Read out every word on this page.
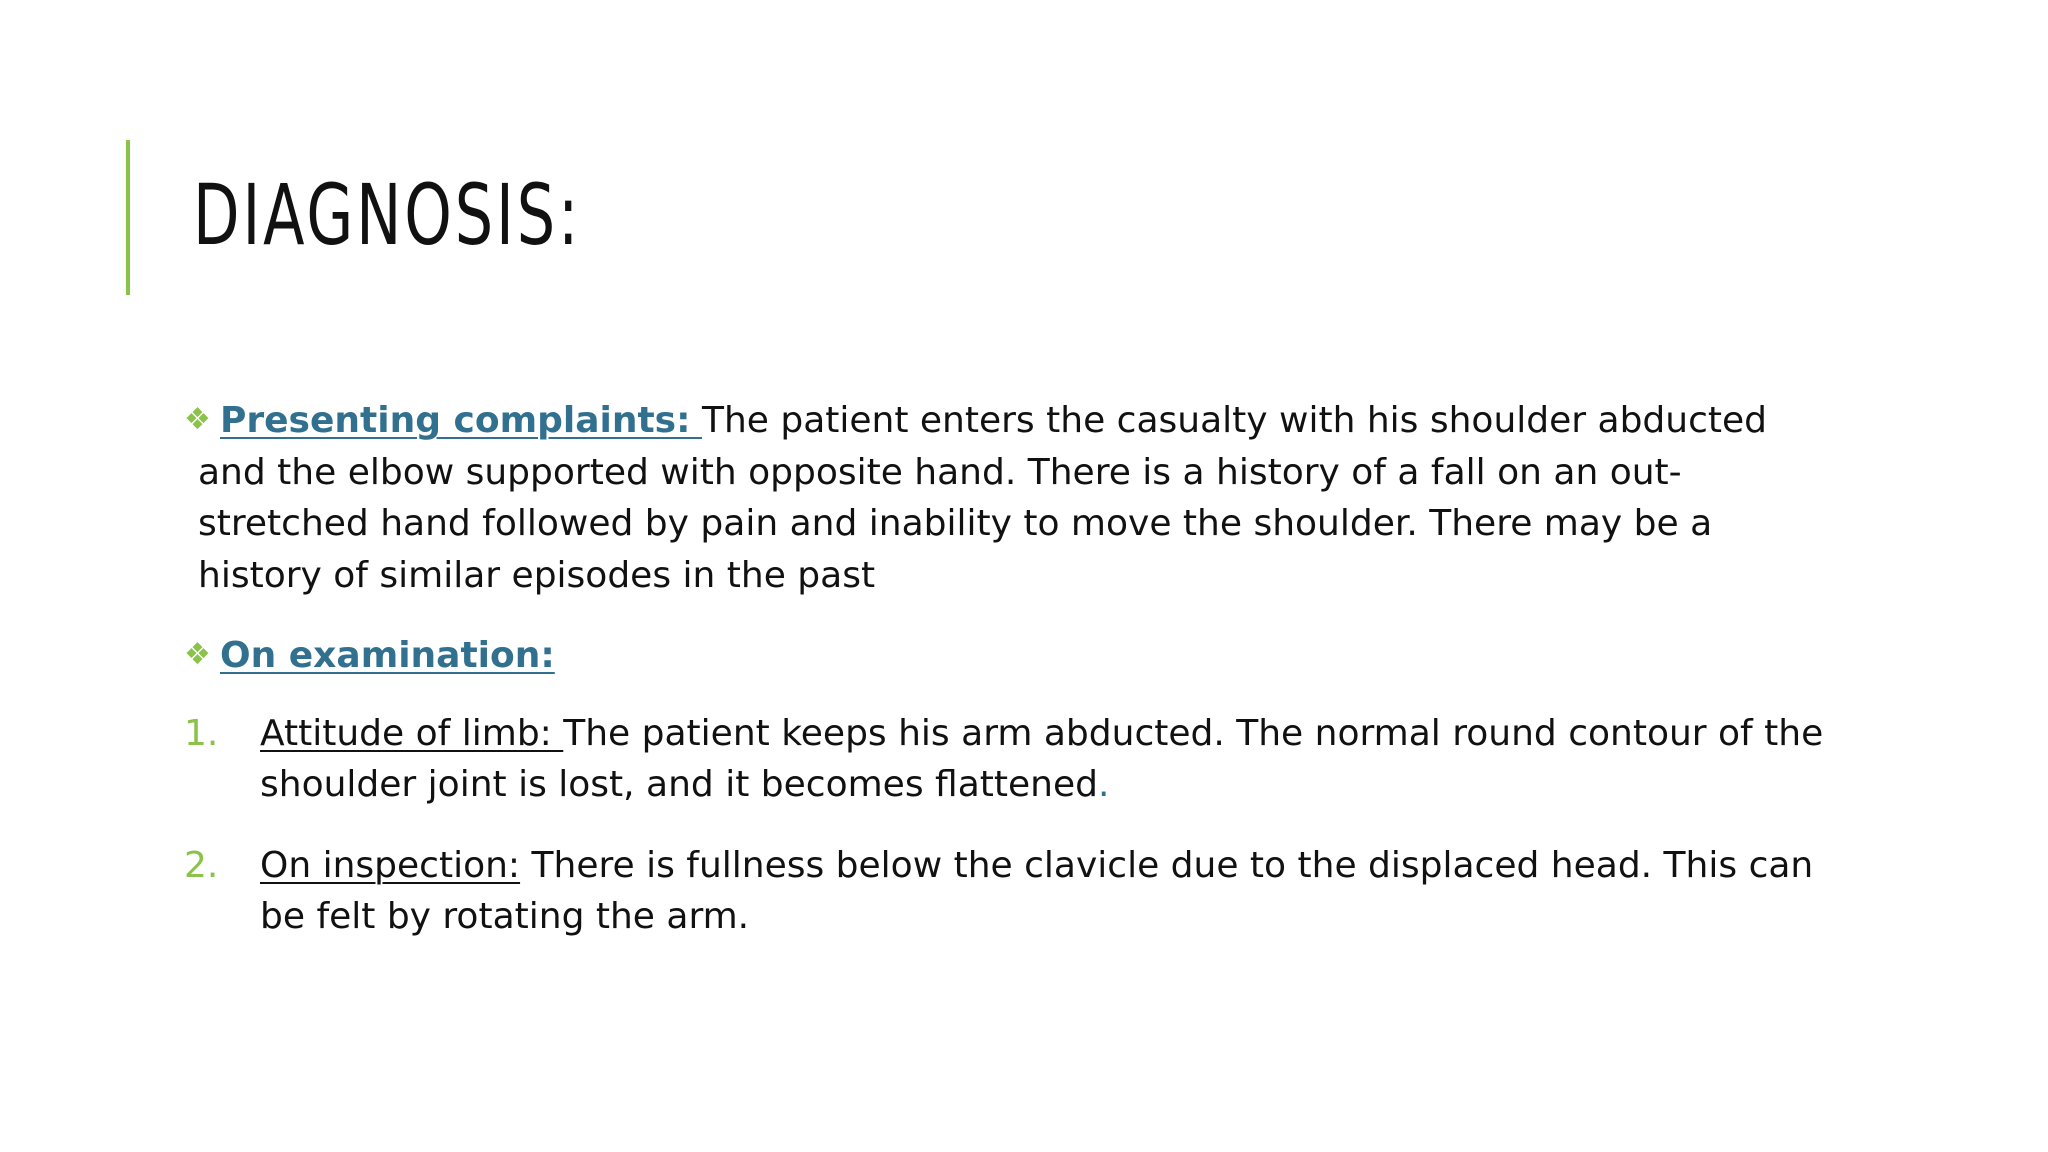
DIAGNOSIS:

❖ Presenting complaints: The patient enters the casualty with his shoulder abducted and the elbow supported with opposite hand. There is a history of a fall on an out-stretched hand followed by pain and inability to move the shoulder. There may be a history of similar episodes in the past

❖ On examination:

1. Attitude of limb: The patient keeps his arm abducted. The normal round contour of the shoulder joint is lost, and it becomes flattened.
2. On inspection: There is fullness below the clavicle due to the displaced head. This can be felt by rotating the arm.
